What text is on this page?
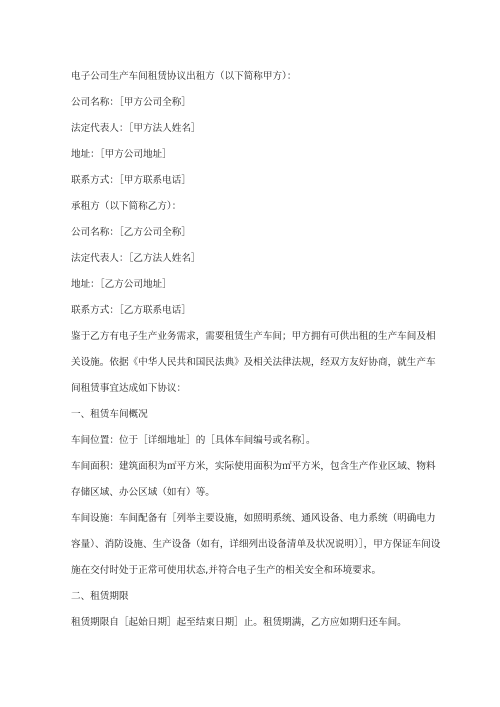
电子公司生产车间租赁协议出租方（以下简称甲方）：

公司名称：［甲方公司全称］

法定代表人：［甲方法人姓名］

地址：［甲方公司地址］

联系方式：［甲方联系电话］

承租方（以下简称乙方）：

公司名称：［乙方公司全称］

法定代表人：［乙方法人姓名］

地址：［乙方公司地址］

联系方式：［乙方联系电话］

鉴于乙方有电子生产业务需求，需要租赁生产车间；甲方拥有可供出租的生产车间及相关设施。依据《中华人民共和国民法典》及相关法律法规，经双方友好协商，就生产车间租赁事宜达成如下协议：

一、租赁车间概况

车间位置：位于［详细地址］的［具体车间编号或名称］。

车间面积：建筑面积为㎡平方米，实际使用面积为㎡平方米，包含生产作业区域、物料存储区域、办公区域（如有）等。

车间设施：车间配备有［列举主要设施，如照明系统、通风设备、电力系统（明确电力容量）、消防设施、生产设备（如有，详细列出设备清单及状况说明）］，甲方保证车间设施在交付时处于正常可使用状态,并符合电子生产的相关安全和环境要求。

二、租赁期限

租赁期限自［起始日期］起至结束日期］止。租赁期满，乙方应如期归还车间。
